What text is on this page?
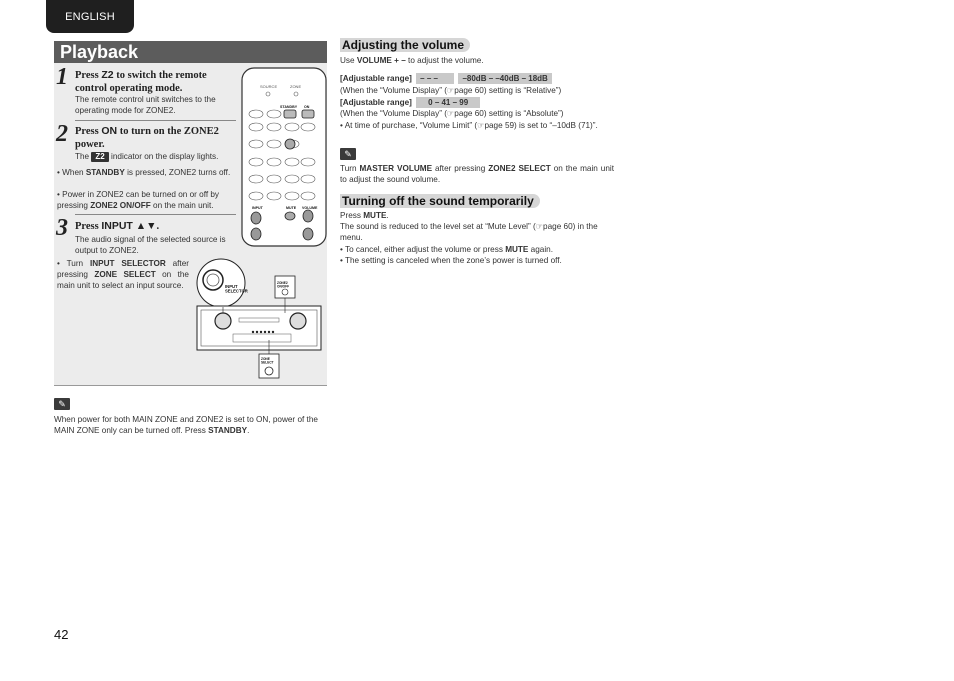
ENGLISH
Playback
1 Press Z2 to switch the remote control operating mode.
The remote control unit switches to the operating mode for ZONE2.
2 Press ON to turn on the ZONE2 power.
The Z2 indicator on the display lights.
• When STANDBY is pressed, ZONE2 turns off.
• Power in ZONE2 can be turned on or off by pressing ZONE2 ON/OFF on the main unit.
3 Press INPUT ▲▼.
The audio signal of the selected source is output to ZONE2.
• Turn INPUT SELECTOR after pressing ZONE SELECT on the main unit to select an input source.
SOURCE	ZONE
STANDBY ON
INPUT	MUTE VOLUME
INPUT SELECTOR
ZONE2 ON/OFF
ZONE SELECT
✎
When power for both MAIN ZONE and ZONE2 is set to ON, power of the MAIN ZONE only can be turned off. Press STANDBY.
Adjusting the volume
Use VOLUME + – to adjust the volume.
[Adjustable range] – – –	–80dB – –40dB – 18dB
(When the “Volume Display” (☞page 60) setting is “Relative”)
[Adjustable range] 0 – 41 – 99
(When the “Volume Display” (☞page 60) setting is “Absolute”)
• At time of purchase, “Volume Limit” (☞page 59) is set to “–10dB (71)”.
✎
Turn MASTER VOLUME after pressing ZONE2 SELECT on the main unit to adjust the sound volume.
Turning off the sound temporarily
Press MUTE.
The sound is reduced to the level set at “Mute Level” (☞page 60) in the menu.
• To cancel, either adjust the volume or press MUTE again.
• The setting is canceled when the zone’s power is turned off.
42
